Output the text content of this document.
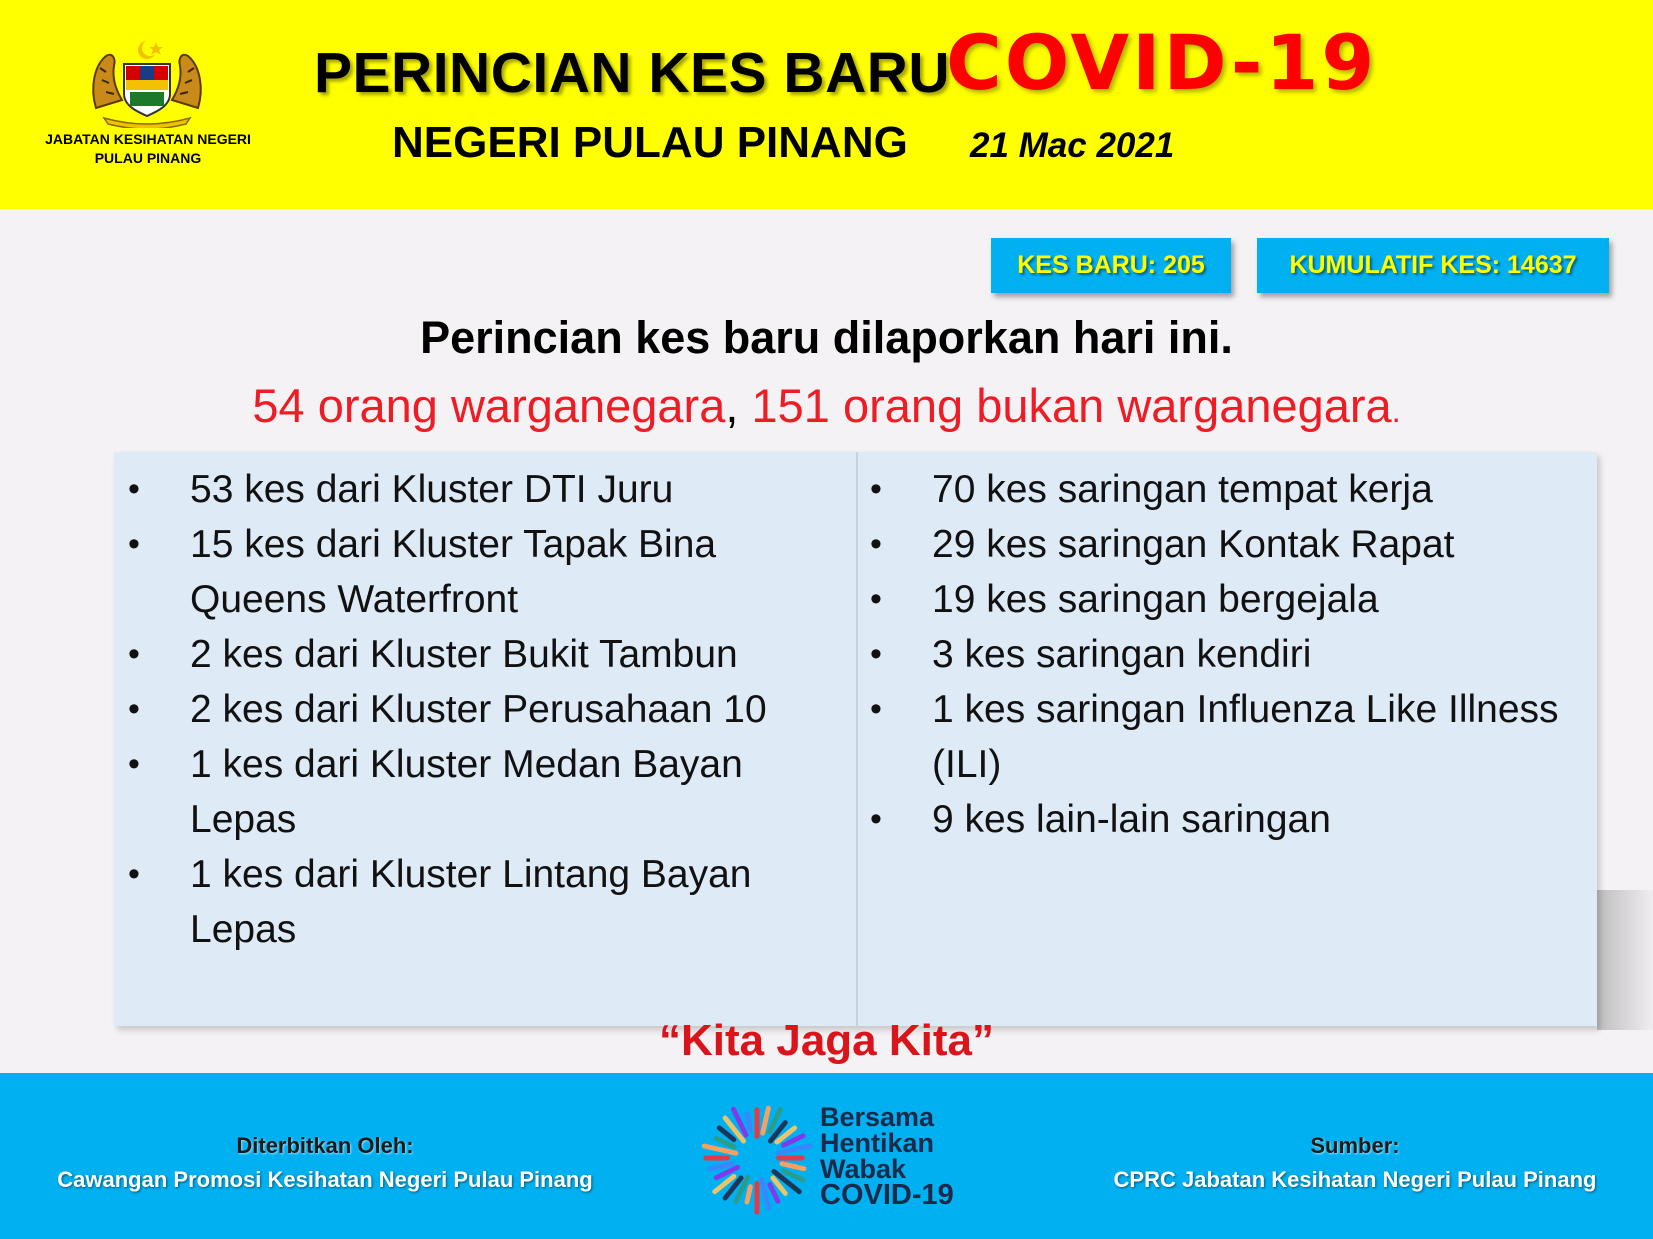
JABATAN KESIHATAN NEGERI
PULAU PINANG
PERINCIAN KES BARU
COVID-19
NEGERI PULAU PINANG 21 Mac 2021
KES BARU: 205	KUMULATIF KES: 14637
Perincian kes baru dilaporkan hari ini.
54 orang warganegara, 151 orang bukan warganegara.
• 53 kes dari Kluster DTI Juru
• 15 kes dari Kluster Tapak Bina Queens Waterfront
• 2 kes dari Kluster Bukit Tambun
• 2 kes dari Kluster Perusahaan 10
• 1 kes dari Kluster Medan Bayan Lepas
• 1 kes dari Kluster Lintang Bayan Lepas
• 70 kes saringan tempat kerja
• 29 kes saringan Kontak Rapat
• 19 kes saringan bergejala
• 3 kes saringan kendiri
• 1 kes saringan Influenza Like Illness (ILI)
• 9 kes lain-lain saringan
“Kita Jaga Kita”
Diterbitkan Oleh:
Cawangan Promosi Kesihatan Negeri Pulau Pinang
Bersama
Hentikan
Wabak
COVID-19
Sumber:
CPRC Jabatan Kesihatan Negeri Pulau Pinang
